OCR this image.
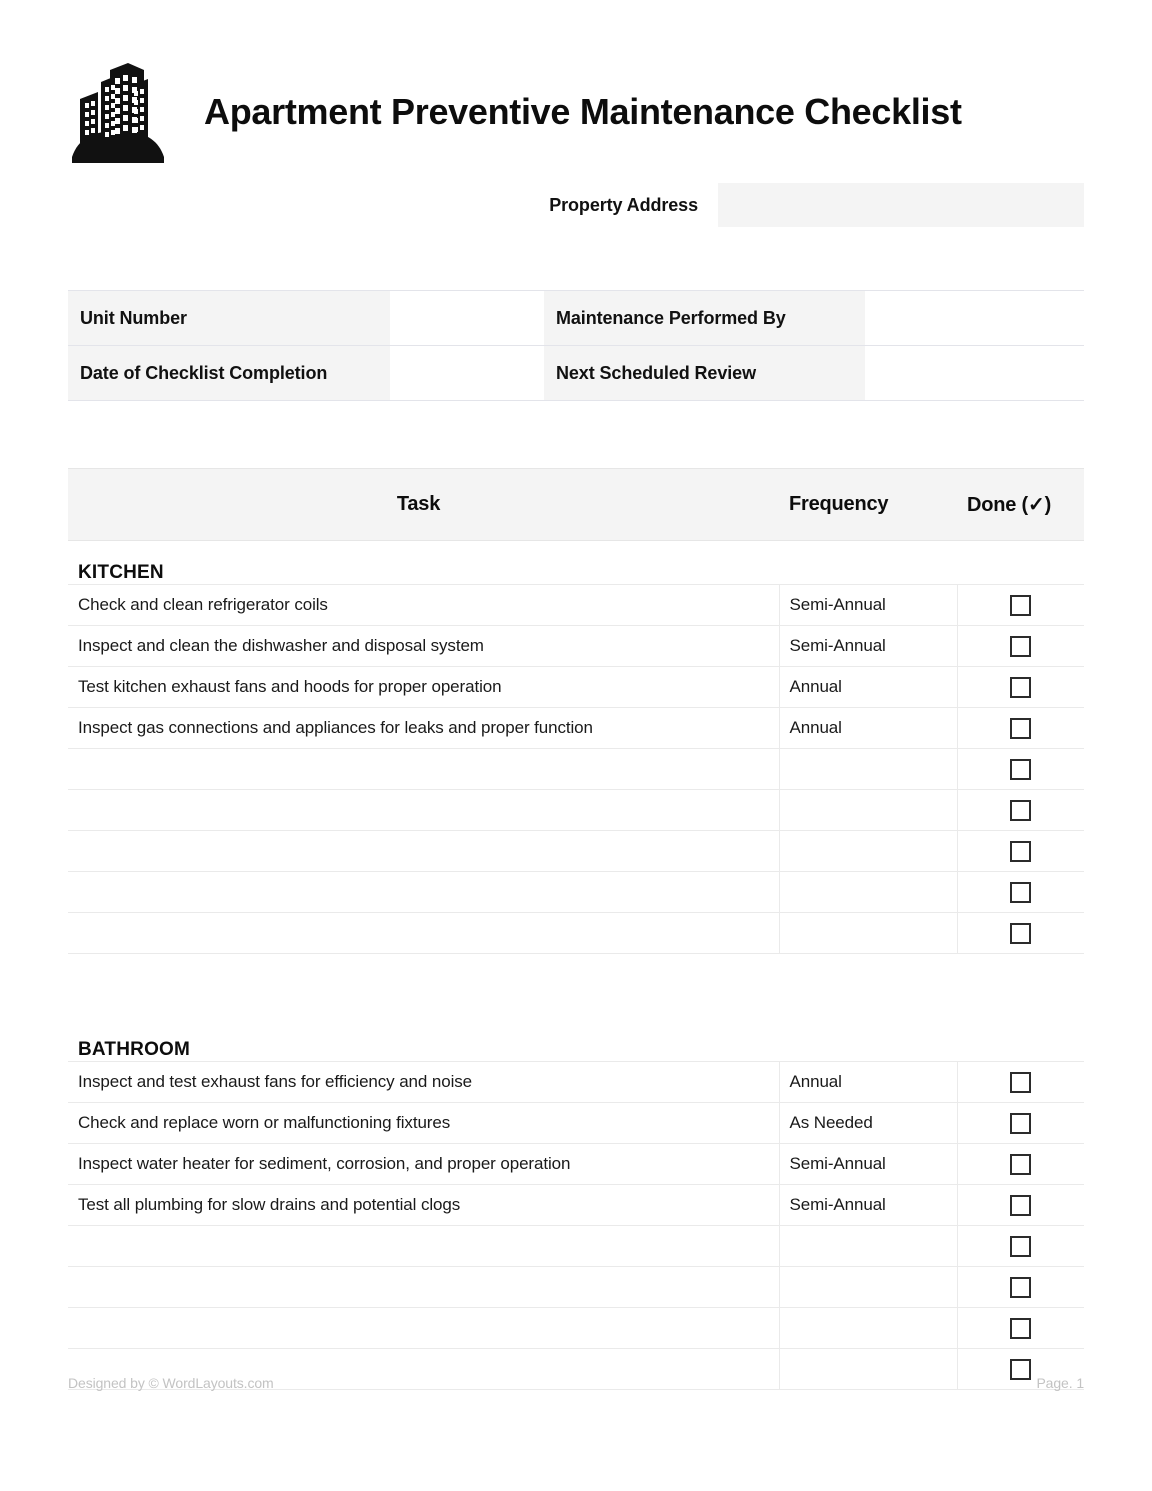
Apartment Preventive Maintenance Checklist
Property Address
Unit Number		Maintenance Performed By	
Date of Checklist Completion		Next Scheduled Review	
Task	Frequency	Done (✓)
KITCHEN		
Check and clean refrigerator coils	Semi-Annual	
Inspect and clean the dishwasher and disposal system	Semi-Annual	
Test kitchen exhaust fans and hoods for proper operation	Annual	
Inspect gas connections and appliances for leaks and proper function	Annual	

BATHROOM		
Inspect and test exhaust fans for efficiency and noise	Annual	
Check and replace worn or malfunctioning fixtures	As Needed	
Inspect water heater for sediment, corrosion, and proper operation	Semi-Annual	
Test all plumbing for slow drains and potential clogs	Semi-Annual	

Designed by © WordLayouts.com	Page. 1
